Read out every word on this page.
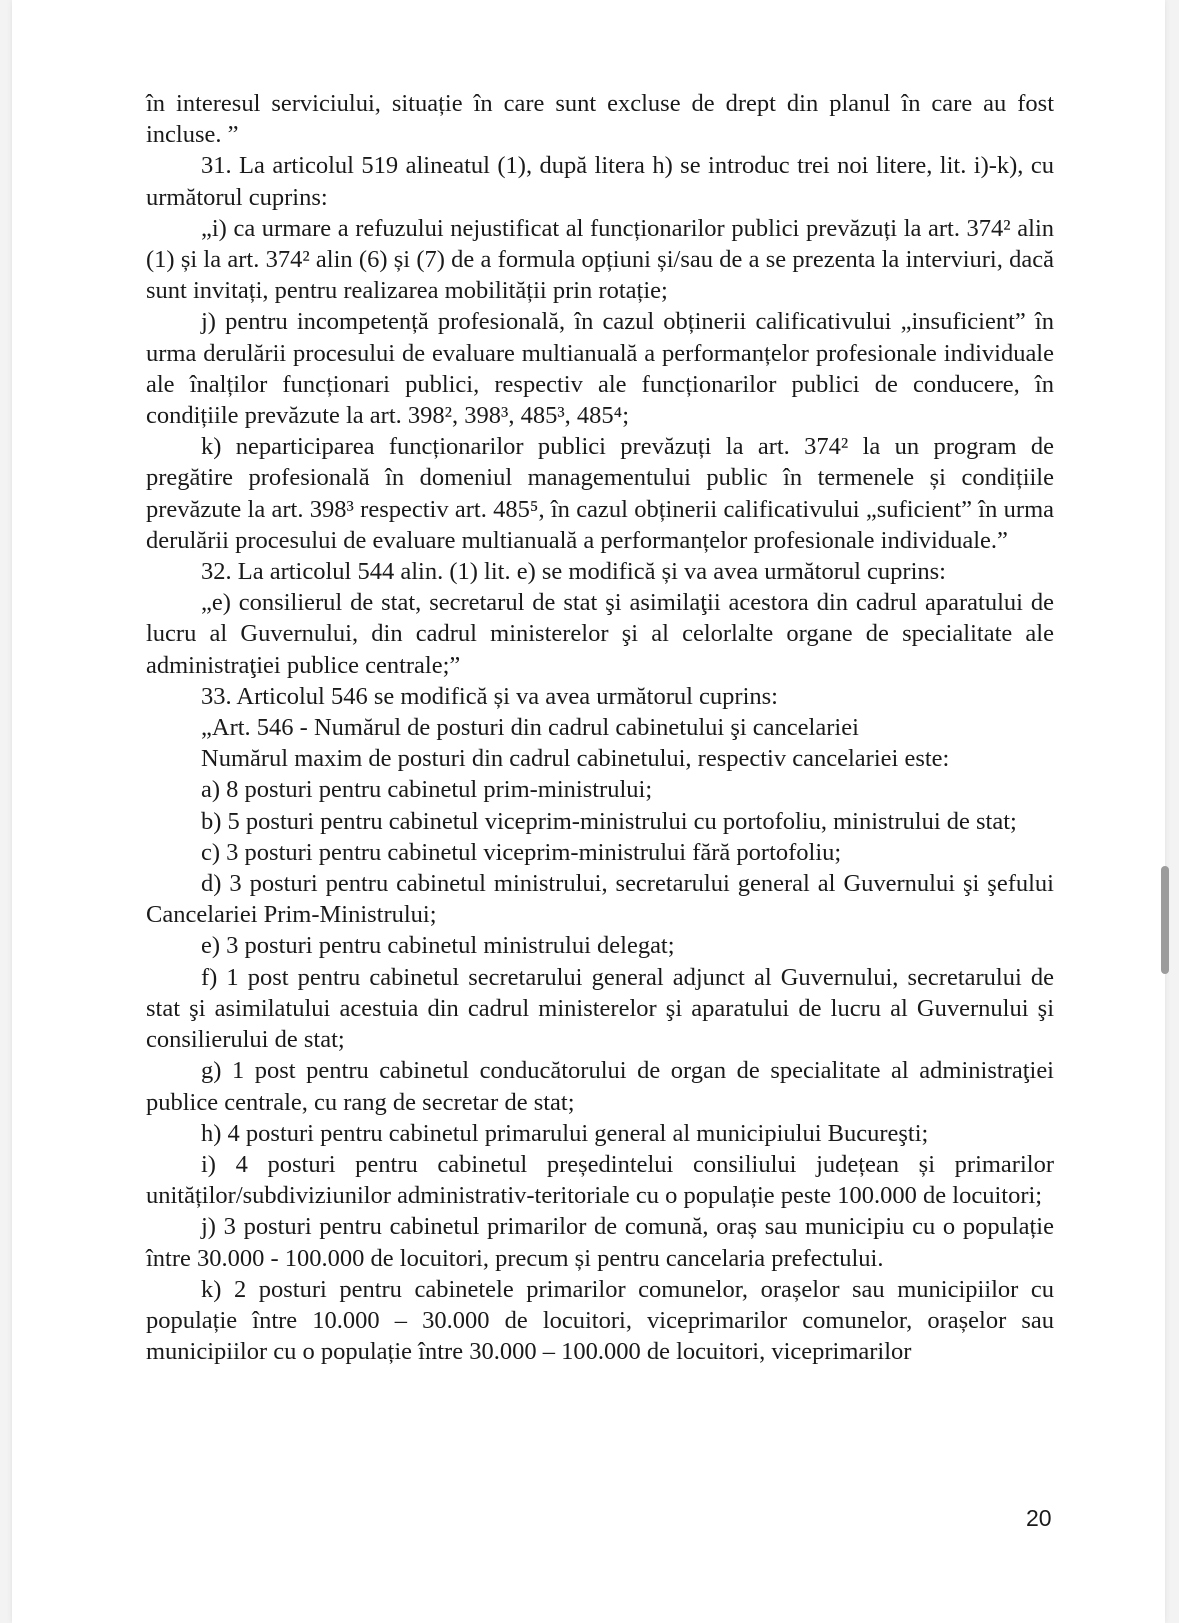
în interesul serviciului, situație în care sunt excluse de drept din planul în care au fost incluse. ”

31. La articolul 519 alineatul (1), după litera h) se introduc trei noi litere, lit. i)-k), cu următorul cuprins:

„i) ca urmare a refuzului nejustificat al funcționarilor publici prevăzuți la art. 374² alin (1) și la art. 374² alin (6) și (7) de a formula opțiuni și/sau de a se prezenta la interviuri, dacă sunt invitați, pentru realizarea mobilității prin rotație;

j) pentru incompetență profesională, în cazul obținerii calificativului „insuficient” în urma derulării procesului de evaluare multianuală a performanțelor profesionale individuale ale înalților funcționari publici, respectiv ale funcționarilor publici de conducere, în condițiile prevăzute la art. 398², 398³, 485³, 485⁴;

k) neparticiparea funcționarilor publici prevăzuți la art. 374² la un program de pregătire profesională în domeniul managementului public în termenele și condițiile prevăzute la art. 398³ respectiv art. 485⁵, în cazul obținerii calificativului „suficient” în urma derulării procesului de evaluare multianuală a performanțelor profesionale individuale.”

32. La articolul 544 alin. (1) lit. e) se modifică și va avea următorul cuprins:

„e) consilierul de stat, secretarul de stat şi asimilaţii acestora din cadrul aparatului de lucru al Guvernului, din cadrul ministerelor şi al celorlalte organe de specialitate ale administraţiei publice centrale;”

33. Articolul 546 se modifică și va avea următorul cuprins:

„Art. 546 - Numărul de posturi din cadrul cabinetului şi cancelariei

Numărul maxim de posturi din cadrul cabinetului, respectiv cancelariei este:

a) 8 posturi pentru cabinetul prim-ministrului;

b) 5 posturi pentru cabinetul viceprim-ministrului cu portofoliu, ministrului de stat;

c) 3 posturi pentru cabinetul viceprim-ministrului fără portofoliu;

d) 3 posturi pentru cabinetul ministrului, secretarului general al Guvernului şi şefului Cancelariei Prim-Ministrului;

e) 3 posturi pentru cabinetul ministrului delegat;

f) 1 post pentru cabinetul secretarului general adjunct al Guvernului, secretarului de stat şi asimilatului acestuia din cadrul ministerelor şi aparatului de lucru al Guvernului şi consilierului de stat;

g) 1 post pentru cabinetul conducătorului de organ de specialitate al administraţiei publice centrale, cu rang de secretar de stat;

h) 4 posturi pentru cabinetul primarului general al municipiului Bucureşti;

i) 4 posturi pentru cabinetul președintelui consiliului județean și primarilor unităților/subdiviziunilor administrativ-teritoriale cu o populație peste 100.000 de locuitori;

j) 3 posturi pentru cabinetul primarilor de comună, oraș sau municipiu cu o populație între 30.000 - 100.000 de locuitori, precum și pentru cancelaria prefectului.

k) 2 posturi pentru cabinetele primarilor comunelor, orașelor sau municipiilor cu populație între 10.000 – 30.000 de locuitori, viceprimarilor comunelor, orașelor sau municipiilor cu o populație între 30.000 – 100.000 de locuitori, viceprimarilor

20
